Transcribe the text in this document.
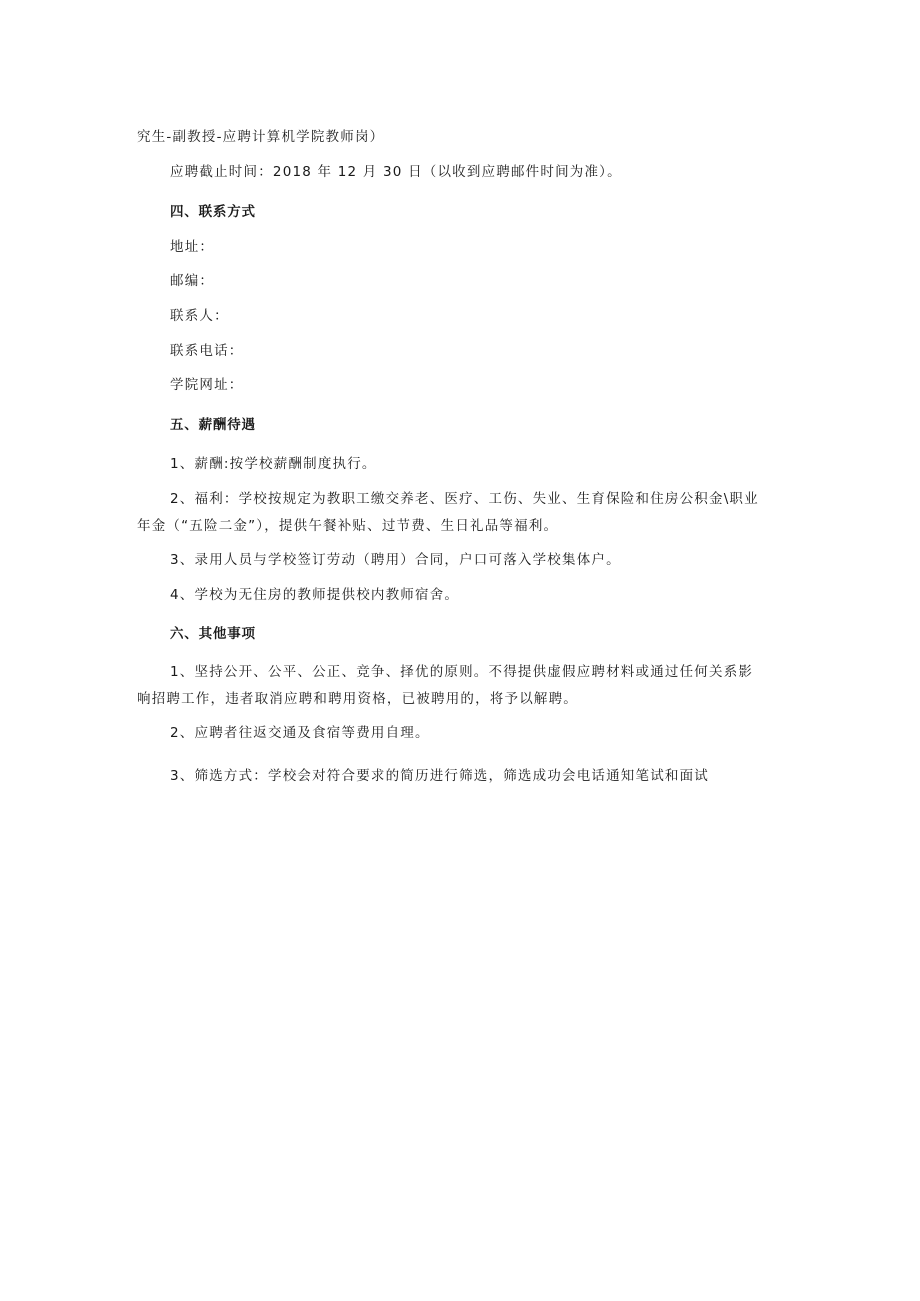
究生-副教授-应聘计算机学院教师岗）
应聘截止时间：2018 年 12 月 30 日（以收到应聘邮件时间为准）。
四、联系方式
地址：
邮编：
联系人：
联系电话：
学院网址：
五、薪酬待遇
1、薪酬:按学校薪酬制度执行。
2、福利：学校按规定为教职工缴交养老、医疗、工伤、失业、生育保险和住房公积金\职业
年金（“五险二金”），提供午餐补贴、过节费、生日礼品等福利。
3、录用人员与学校签订劳动（聘用）合同，户口可落入学校集体户。
4、学校为无住房的教师提供校内教师宿舍。
六、其他事项
1、坚持公开、公平、公正、竞争、择优的原则。不得提供虚假应聘材料或通过任何关系影
响招聘工作，违者取消应聘和聘用资格，已被聘用的，将予以解聘。
2、应聘者往返交通及食宿等费用自理。
3、筛选方式：学校会对符合要求的简历进行筛选，筛选成功会电话通知笔试和面试
